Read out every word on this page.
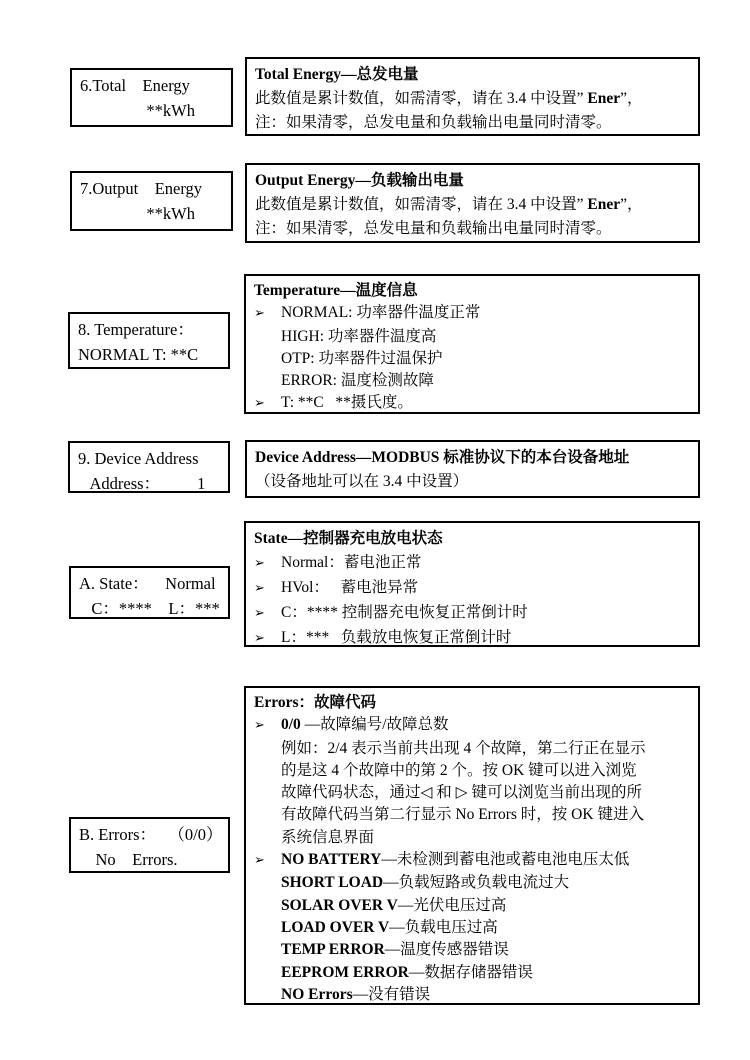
6.Total    Energy
**kWh
Total Energy—总发电量
此数值是累计数值，如需清零，请在 3.4 中设置” Ener”，
注：如果清零，总发电量和负载输出电量同时清零。
7.Output    Energy
**kWh
Output Energy—负载输出电量
此数值是累计数值，如需清零，请在 3.4 中设置” Ener”，
注：如果清零，总发电量和负载输出电量同时清零。
8. Temperature：
NORMAL T: **C
Temperature—温度信息
➢ NORMAL: 功率器件温度正常
HIGH: 功率器件温度高
OTP: 功率器件过温保护
ERROR: 温度检测故障
➢ T: **C   **摄氏度。
9. Device Address
Address：         1
Device Address—MODBUS 标准协议下的本台设备地址
（设备地址可以在 3.4 中设置）
A. State：    Normal
C：****    L：***
State—控制器充电放电状态
➢ Normal：蓄电池正常
➢ HVol：   蓄电池异常
➢ C：**** 控制器充电恢复正常倒计时
➢ L：***   负载放电恢复正常倒计时
B. Errors：   （0/0）
No    Errors.
Errors：故障代码
➢ 0/0 —故障编号/故障总数
例如：2/4 表示当前共出现 4 个故障，第二行正在显示
的是这 4 个故障中的第 2 个。按 OK 键可以进入浏览
故障代码状态，通过◁ 和 ▷ 键可以浏览当前出现的所
有故障代码当第二行显示 No Errors 时，按 OK 键进入
系统信息界面
➢ NO BATTERY—未检测到蓄电池或蓄电池电压太低
SHORT LOAD—负载短路或负载电流过大
SOLAR OVER V—光伏电压过高
LOAD OVER V—负载电压过高
TEMP ERROR—温度传感器错误
EEPROM ERROR—数据存储器错误
NO Errors—没有错误
